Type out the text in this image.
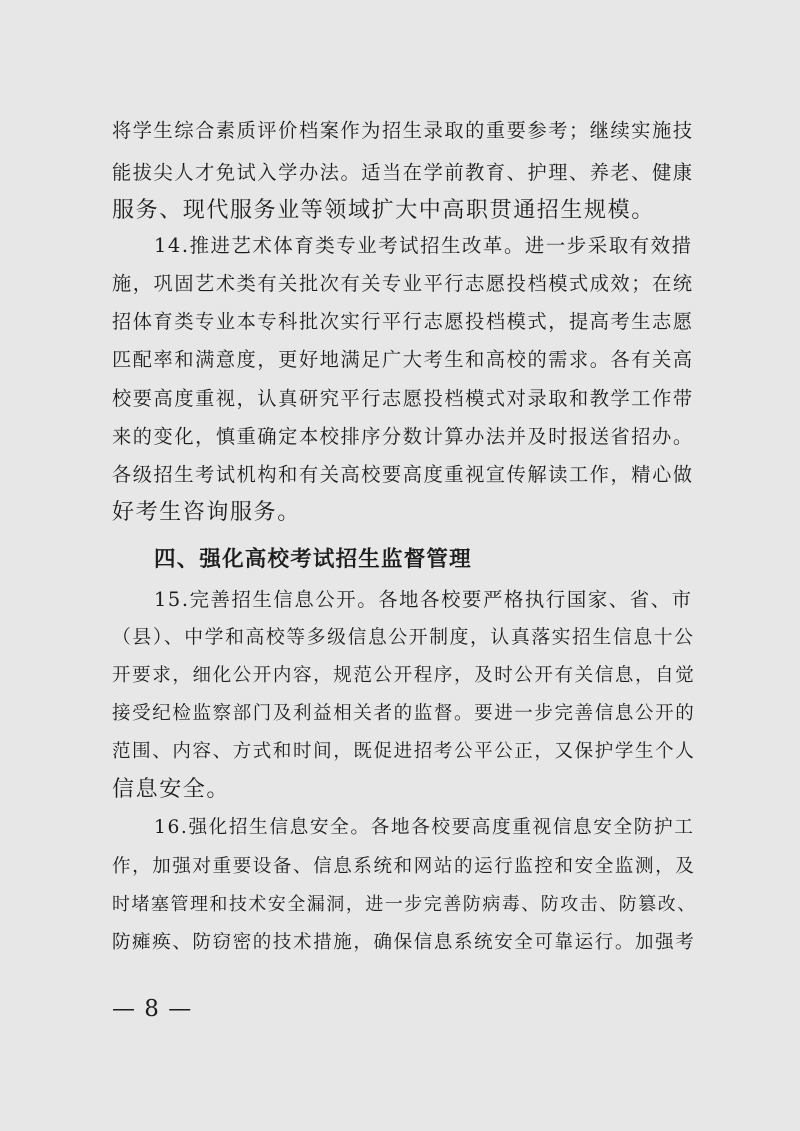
将学生综合素质评价档案作为招生录取的重要参考；继续实施技
能拔尖人才免试入学办法。适当在学前教育、护理、养老、健康
服务、现代服务业等领域扩大中高职贯通招生规模。
14.推进艺术体育类专业考试招生改革。进一步采取有效措
施，巩固艺术类有关批次有关专业平行志愿投档模式成效；在统
招体育类专业本专科批次实行平行志愿投档模式，提高考生志愿
匹配率和满意度，更好地满足广大考生和高校的需求。各有关高
校要高度重视，认真研究平行志愿投档模式对录取和教学工作带
来的变化，慎重确定本校排序分数计算办法并及时报送省招办。
各级招生考试机构和有关高校要高度重视宣传解读工作，精心做
好考生咨询服务。
四、强化高校考试招生监督管理
15.完善招生信息公开。各地各校要严格执行国家、省、市
（县）、中学和高校等多级信息公开制度，认真落实招生信息十公
开要求，细化公开内容，规范公开程序，及时公开有关信息，自觉
接受纪检监察部门及利益相关者的监督。要进一步完善信息公开的
范围、内容、方式和时间，既促进招考公平公正，又保护学生个人
信息安全。
16.强化招生信息安全。各地各校要高度重视信息安全防护工
作，加强对重要设备、信息系统和网站的运行监控和安全监测，及
时堵塞管理和技术安全漏洞，进一步完善防病毒、防攻击、防篡改、
防瘫痪、防窃密的技术措施，确保信息系统安全可靠运行。加强考
— 8 —
